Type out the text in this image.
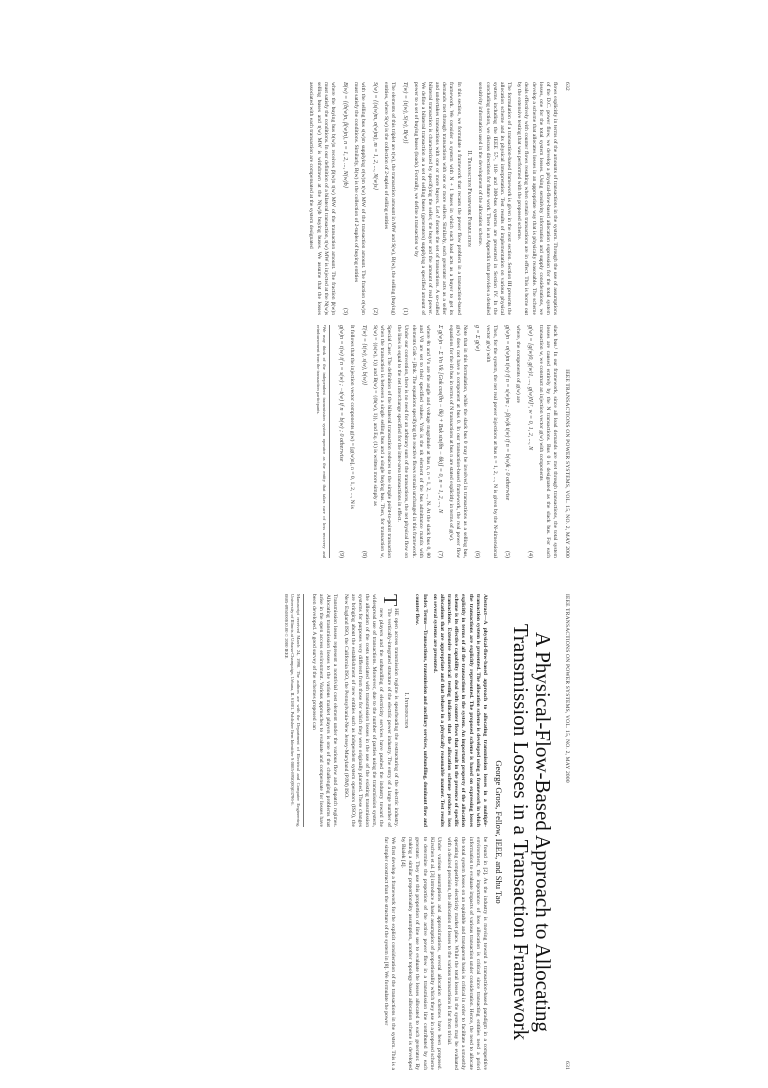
IEEE TRANSACTIONS ON POWER SYSTEMS, VOL. 15, NO. 2, MAY 2000
631
A Physical-Flow-Based Approach to Allocating Transmission Losses in a Transaction Framework
George Gross, Fellow, IEEE, and Shu Tao

Abstract—A physical-flow-based approach to allocating transmission losses in a multiple-transaction system is presented. The allocation scheme is developed using a framework in which the transactions are explicitly represented. The proposed scheme is based on expressing losses explicitly in terms of all the transactions in the system. An important property of the allocation scheme is its effective capability to deal with counter flows that result in the presence of specific transactions. Extensive numerical testing indicates that the allocation scheme produces loss allocations that are appropriate and that behave in a physically reasonable manner. Test results on several systems are presented.

Index Terms—Transactions, transmission and ancillary services, unbundling, dominant flow and counter flow.

I. Introduction

T
HE open access transmission regime is spearheading the restructuring of the electric industry. The vertically-integrated structure of the electric power industry. The entry of a large number of new players and the unbundling of electricity services have pushed the industry toward the widespread use of transactions. Moreover, due to the number of parties using the transmission system, the allocation of the costs associated with transmission losses in the use of the existing transmission systems for purposes very different from those for which they were originally planned. These changes are bringing about the establishment of new entities such as independent system operators (ISO), the New England ISO, the California ISO, the Pennsylvania-New Jersey-Maryland (PJM) ISO.

Transmission losses represent a nontrivial cost element under the various flow and dispatch regimes. Allocating transmission losses to the various market players is one of the challenging problems that arise in the open access environment. Various approaches to evaluate and compensate for losses have been developed. A good survey of the schemes proposed can

Manuscript received March 24, 1998. The authors are with the Department of Electrical and Computer Engineering, University of Illinois at Urbana-Champaign, Urbana, IL 61801. Publisher Item Identifier S 0885-8950(00)03796-6.
0885-8950/00$10.00 © 2000 IEEE

be found in [2]. As the industry is moving toward a transaction-based paradigm in a competitive environment, the importance of loss allocation is critical since transacting entities need a priori information to evaluate impacts of various transaction under consideration. Hence, the need to allocate the total system losses on an equitable and transparent basis is critical in order to facilitate a smoothly operating competitive electricity market place. While the total losses in the system may be evaluated with a desired precision, the allocation of losses to the various transactions is far from trivial.

Under various assumptions and approximations, several allocation schemes have been proposed. Kirschen et al. [3] introduce a basic assumption of proportionality which they use in a proposed scheme to determine the proportion of the active power flow in a transmission line contributed by each generator. They use this proportion of line use to evaluate the losses allocated to each generator. By making a similar proportionality assumption, another topology-based allocation scheme is developed by Bialek [4].

We first develop a framework for the explicit consideration of the transactions in the system. This is a far simpler construct than the structure of the system in [8]. We formulate the power

632
IEEE TRANSACTIONS ON POWER SYSTEMS, VOL. 15, NO. 2, MAY 2000

flows explicitly in terms of the amounts of transactions in the system. Through the use of assumptions of the D.C. power flow, we develop a physical-flow-based allocation expression for the total system losses, one for the total system losses. Using sensitivity information and supply considerations, we develop a scheme that allocates losses in an appropriate way that is physically reasonable. The scheme deals effectively with counter flows resulting when certain transactions are in effect. This is borne out by the extensive testing that was performed with the proposed scheme.

The formulation of a transaction-based framework is given in the next section. Section III presents the allocation scheme and its physical interpretation. Test results of implementation on various physical systems including the IEEE 57-, 118- and 300-bus systems are presented in Section IV. In the concluding section, we discuss directions for future work. There is an Appendix that provides a detailed sensitivity information used in the development of the allocation scheme.

II. Transaction Framework Formulation

In this section, we formulate a framework that recasts the power flow problem in a transaction-based framework. We consider a system with N + 1 buses in which each load acts as a buyer to get its demands met through transactions with one or more sellers. Similarly, each generator acts as a seller and undertakes transactions with one or more buyers. Let ∂ denote the set of transactions. A so-called bilateral transaction is characterized by specifying the seller, the buyer and the amount of real power. We define a bilateral transaction as a set of selling buses (generators) supplying a specified amount of power to a set of buying buses (loads). Formally, we define a transaction w by

T(w) = {t(w), S(w), B(w)}
(1)

The elements of this triplet are t(w), the transaction amount in MW and S(w), B(w), the selling (buying) entities, where S(w) is the collection of 2-tuples of selling entities

S(w) = {(s(w)m, σ(w)m), m = 1, 2, ..., N(w)s}
(2)

with the selling bus s(w)m supplying σ(w)m t(w) MW of the transaction amount. The fraction σ(w)m must satisfy the conditions. Similarly, B(w) is the collection of 2-tuples of buying entities

B(w) = {(b(w)n, β(w)n), n = 1, 2, ..., N(w)b}
(3)

where the buying bus b(w)n receives β(w)n t(w) MW of the transaction amount. The fraction β(w)n must satisfy the conditions. In our definition of a bilateral transaction, t(w) MW is injected at the N(w)s selling buses and t(w) MW is withdrawn at the N(w)b buying buses. We assume that the losses associated with each transaction are compensated at the system designated

slack bus.¹ In our framework, since all load demands are met through transactions, the total system losses are caused entirely by the N transactions. Bus 0 is designated as the slack bus. For each transaction w, we construct an injection vector g(w) with components

g(w) = [g(w)0, g(w)1, ..., g(w)N]ᵀ, w = 0, 1, 2, ..., N
(4)

where, the components of g(w) are

g(w)n = σ(w)m t(w) if n = s(w)m ; −β(w)k t(w) if n = b(w)k ; 0 otherwise
(5)

Then, for the system, the net real power injections at bus n = 1, 2, ..., N is given by the N-dimensional vector g(w) with

g = Σ g(w)
(6)

Note that in this formulation, while the slack bus 0 may be involved in transactions as a selling bus, g(w) does not have a component at bus 0. In our transaction-based framework, the real power flow equations for the ith bus in terms of N transactions at bus n are stated explicitly in terms of g(w).

Σ g(w)n − Σ Vn Vk [Gnk cos(θn − θk) + Bnk sin(θn − θk)] = 0, n = 1, 2, ..., N
(7)

where θn and Vn are the angle and voltage magnitude at bus n, n = 1, 2, ..., N. At the slack bus 0, θ0 and V0 are set to their specified values. Ynk is the nk element of the bus admittance matrix with elements Gnk + jBnk. The equations specifying the reactive flows remain unchanged in this framework. Under our convention, there is no need for an arbitrary sum of the transactions, the net physical flow on the lines is equal to the net interchange specified for the inter-area transactions in effect.

Special Case: The definition of the bilateral transaction reduces to the simple point-to-point transaction when the transaction is between a single selling bus and a single buying bus. Then, for transaction w, S(w) = {(s(w), 1)} and B(w) = {(b(w), 1)}, and Eq. (1) is written more simply as

T(w) = {t(w), s(w), b(w)}
(8)

It follows that the injection vector components g(w) = [g(w)n], n = 0, 1, 2, ..., N is

g(w)n = t(w) if n = s(w) ; −t(w) if n = b(w) ; 0 otherwise
(9)
¹We may think of the independent transmission system operator as the entity that takes care of loss recovery and reimbursement from the transaction participants.
